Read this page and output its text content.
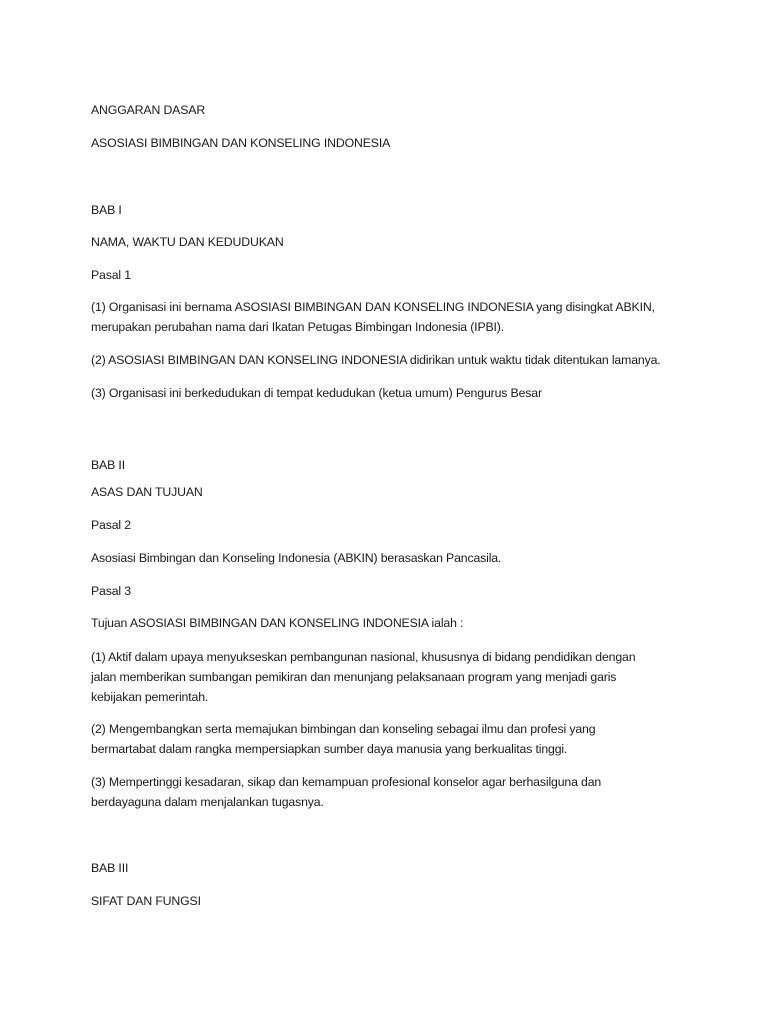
ANGGARAN DASAR
ASOSIASI BIMBINGAN DAN KONSELING INDONESIA
BAB I
NAMA, WAKTU DAN KEDUDUKAN
Pasal 1
(1) Organisasi ini bernama ASOSIASI BIMBINGAN DAN KONSELING INDONESIA yang disingkat ABKIN,
merupakan perubahan nama dari Ikatan Petugas Bimbingan Indonesia (IPBI).
(2) ASOSIASI BIMBINGAN DAN KONSELING INDONESIA didirikan untuk waktu tidak ditentukan lamanya.
(3) Organisasi ini berkedudukan di tempat kedudukan (ketua umum) Pengurus Besar
BAB II
ASAS DAN TUJUAN
Pasal 2
Asosiasi Bimbingan dan Konseling Indonesia (ABKIN) berasaskan Pancasila.
Pasal 3
Tujuan ASOSIASI BIMBINGAN DAN KONSELING INDONESIA ialah :
(1) Aktif dalam upaya menyukseskan pembangunan nasional, khususnya di bidang pendidikan dengan
jalan memberikan sumbangan pemikiran dan menunjang pelaksanaan program yang menjadi garis
kebijakan pemerintah.
(2) Mengembangkan serta memajukan bimbingan dan konseling sebagai ilmu dan profesi yang
bermartabat dalam rangka mempersiapkan sumber daya manusia yang berkualitas tinggi.
(3) Mempertinggi kesadaran, sikap dan kemampuan profesional konselor agar berhasilguna dan
berdayaguna dalam menjalankan tugasnya.
BAB III
SIFAT DAN FUNGSI
